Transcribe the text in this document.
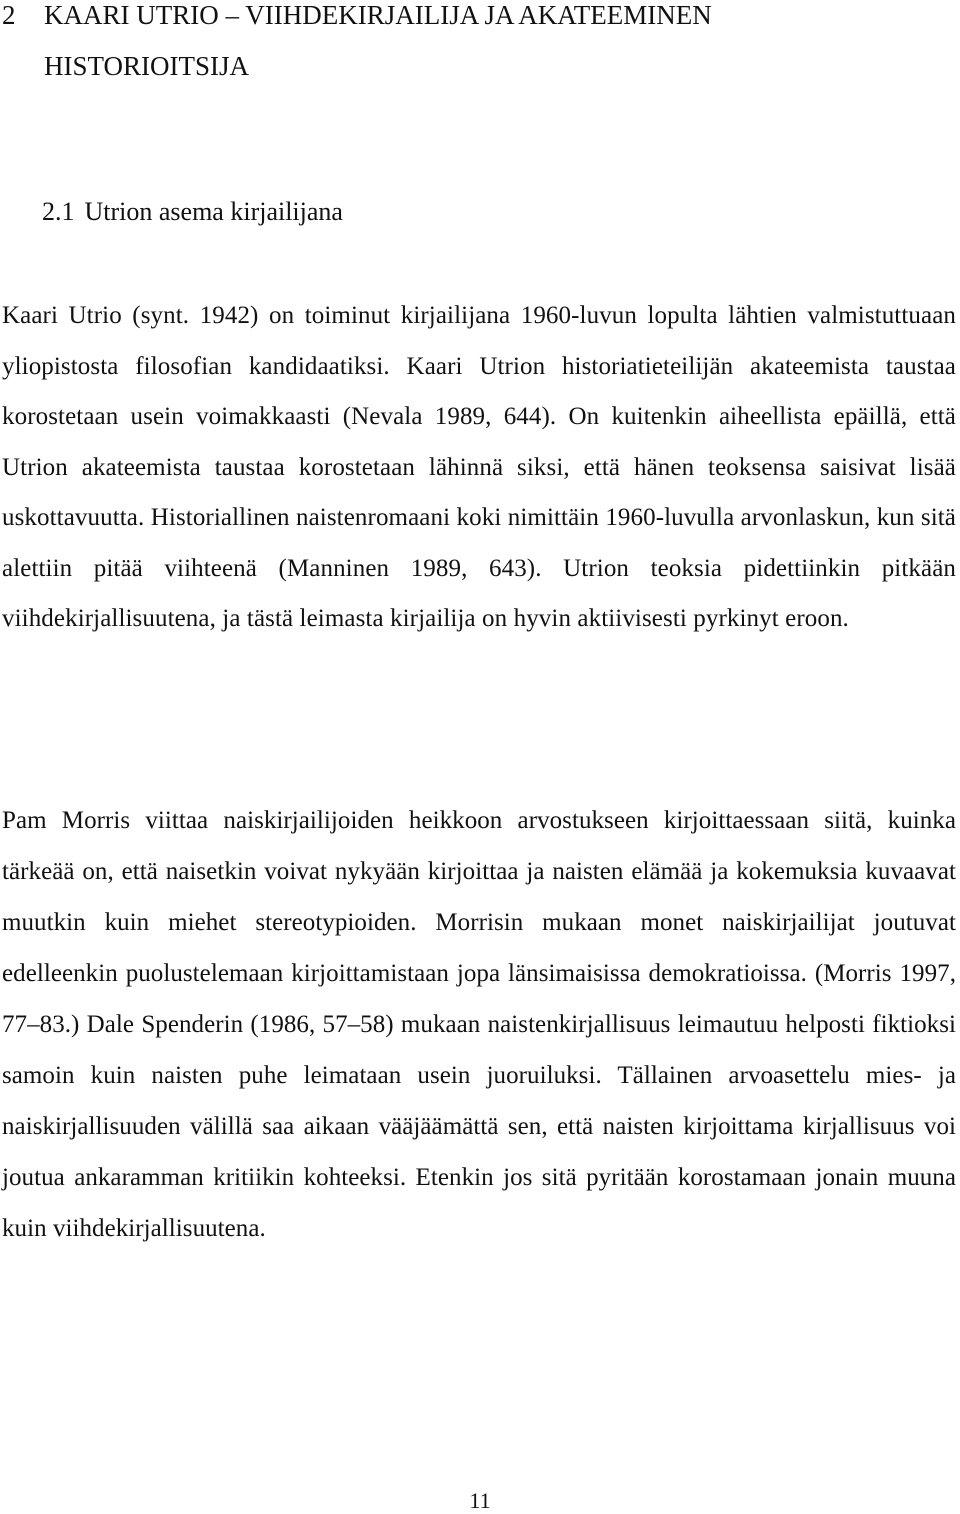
2	KAARI UTRIO – VIIHDEKIRJAILIJA JA AKATEEMINEN HISTORIOITSIJA
2.1 Utrion asema kirjailijana

Kaari Utrio (synt. 1942) on toiminut kirjailijana 1960-luvun lopulta lähtien valmistuttuaan yliopistosta filosofian kandidaatiksi. Kaari Utrion historiatieteilijän akateemista taustaa korostetaan usein voimakkaasti (Nevala 1989, 644). On kuitenkin aiheellista epäillä, että Utrion akateemista taustaa korostetaan lähinnä siksi, että hänen teoksensa saisivat lisää uskottavuutta. Historiallinen naistenromaani koki nimittäin 1960-luvulla arvonlaskun, kun sitä alettiin pitää viihteenä (Manninen 1989, 643). Utrion teoksia pidettiinkin pitkään viihdekirjallisuutena, ja tästä leimasta kirjailija on hyvin aktiivisesti pyrkinyt eroon.

Pam Morris viittaa naiskirjailijoiden heikkoon arvostukseen kirjoittaessaan siitä, kuinka tärkeää on, että naisetkin voivat nykyään kirjoittaa ja naisten elämää ja kokemuksia kuvaavat muutkin kuin miehet stereotypioiden. Morrisin mukaan monet naiskirjailijat joutuvat edelleenkin puolustelemaan kirjoittamistaan jopa länsimaisissa demokratioissa. (Morris 1997, 77–83.) Dale Spenderin (1986, 57–58) mukaan naistenkirjallisuus leimautuu helposti fiktioksi samoin kuin naisten puhe leimataan usein juoruiluksi. Tällainen arvoasettelu mies- ja naiskirjallisuuden välillä saa aikaan vääjäämättä sen, että naisten kirjoittama kirjallisuus voi joutua ankaramman kritiikin kohteeksi. Etenkin jos sitä pyritään korostamaan jonain muuna kuin viihdekirjallisuutena.

11
